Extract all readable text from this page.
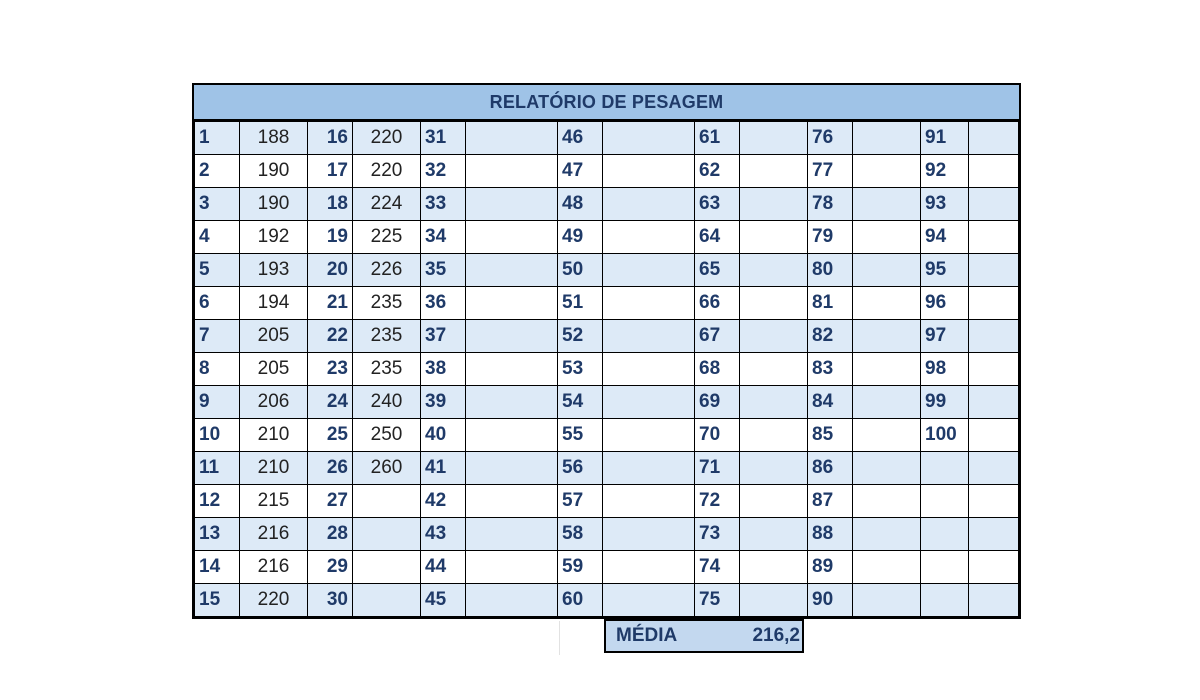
RELATÓRIO DE PESAGEM
1	188	16	220	31		46		61		76		91	
2	190	17	220	32		47		62		77		92	
3	190	18	224	33		48		63		78		93	
4	192	19	225	34		49		64		79		94	
5	193	20	226	35		50		65		80		95	
6	194	21	235	36		51		66		81		96	
7	205	22	235	37		52		67		82		97	
8	205	23	235	38		53		68		83		98	
9	206	24	240	39		54		69		84		99	
10	210	25	250	40		55		70		85		100	
11	210	26	260	41		56		71		86			
12	215	27		42		57		72		87			
13	216	28		43		58		73		88			
14	216	29		44		59		74		89			
15	220	30		45		60		75		90			
MÉDIA	216,2
